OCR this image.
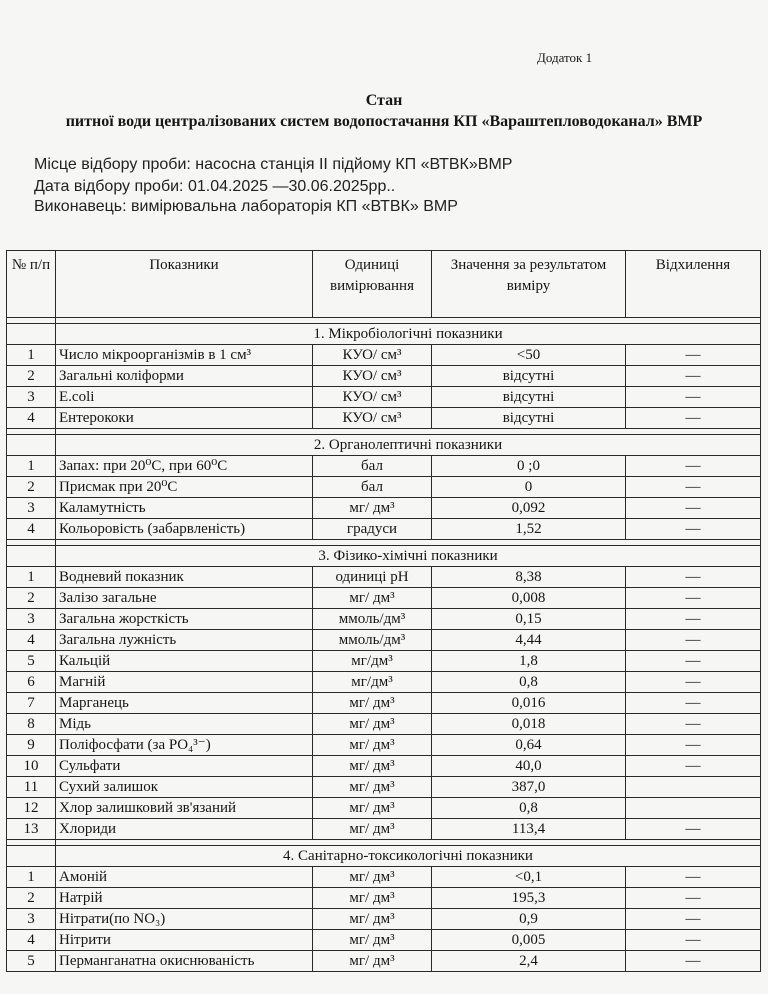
Додаток 1
Стан
питної води централізованих систем водопостачання КП «Вараштепловодоканал» ВМР
Місце відбору проби: насосна станція II підйому КП «ВТВК»ВМР
Дата відбору проби: 01.04.2025 —30.06.2025рр..
Виконавець: вимірювальна лабораторія КП «ВТВК» ВМР
№ п/п	Показники	Одиниці вимірювання	Значення за результатом виміру	Відхилення

	1. Мікробіологічні показники			
1	Число мікроорганізмів в 1 см³	КУО/ см³	<50	—
2	Загальні коліформи	КУО/ см³	відсутні	—
3	E.coli	КУО/ см³	відсутні	—
4	Ентерококи	КУО/ см³	відсутні	—

	2. Органолептичні показники			
1	Запах: при 20⁰С, при 60⁰С	бал	0 ;0	—
2	Присмак при 20⁰С	бал	0	—
3	Каламутність	мг/ дм³	0,092	—
4	Кольоровість (забарвленість)	градуси	1,52	—

	3. Фізико-хімічні показники			
1	Водневий показник	одиниці рН	8,38	—
2	Залізо загальне	мг/ дм³	0,008	—
3	Загальна жорсткість	ммоль/дм³	0,15	—
4	Загальна лужність	ммоль/дм³	4,44	—
5	Кальцій	мг/дм³	1,8	—
6	Магній	мг/дм³	0,8	—
7	Марганець	мг/ дм³	0,016	—
8	Мідь	мг/ дм³	0,018	—
9	Поліфосфати (за PO₄³⁻)	мг/ дм³	0,64	—
10	Сульфати	мг/ дм³	40,0	—
11	Сухий залишок	мг/ дм³	387,0	
12	Хлор залишковий зв'язаний	мг/ дм³	0,8	
13	Хлориди	мг/ дм³	113,4	—

	4. Санітарно-токсикологічні показники			
1	Амоній	мг/ дм³	<0,1	—
2	Натрій	мг/ дм³	195,3	—
3	Нітрати(по NO₃)	мг/ дм³	0,9	—
4	Нітрити	мг/ дм³	0,005	—
5	Перманганатна окиснюваність	мг/ дм³	2,4	—
